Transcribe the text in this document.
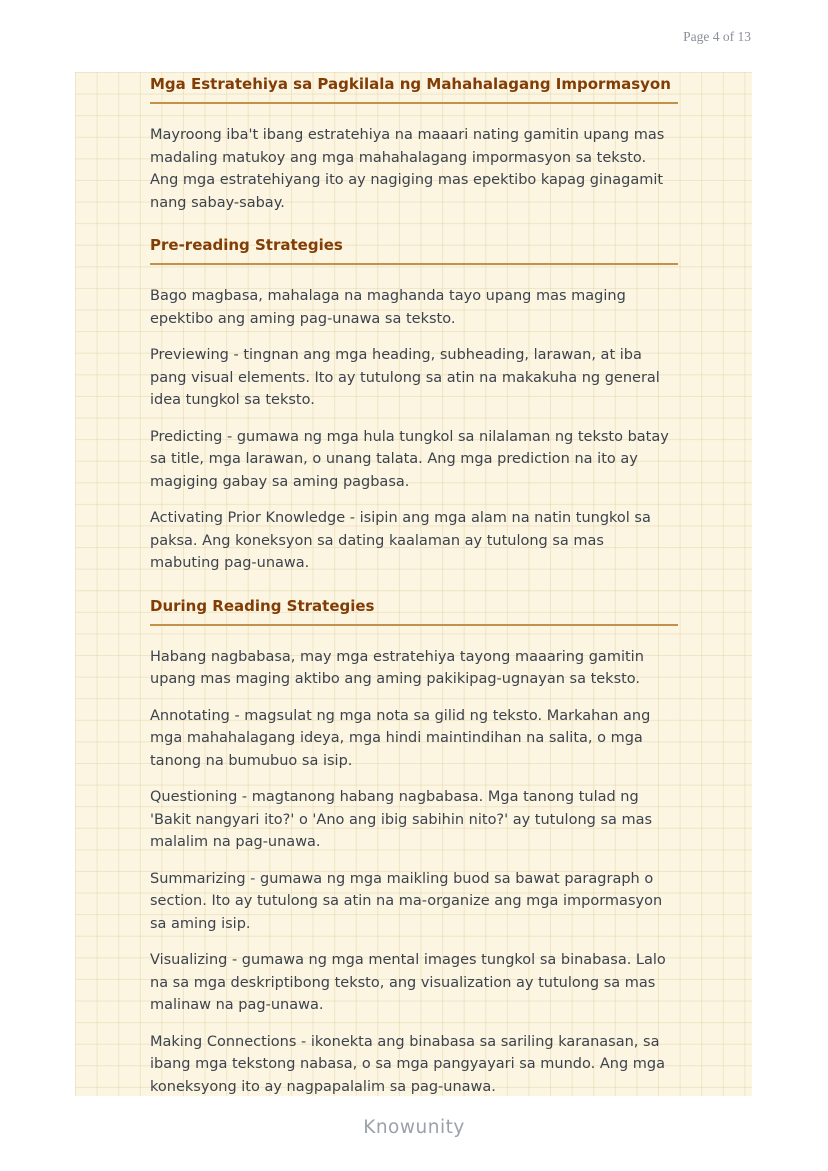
Page 4 of 13
Mga Estratehiya sa Pagkilala ng Mahahalagang Impormasyon

Mayroong iba't ibang estratehiya na maaari nating gamitin upang mas madaling matukoy ang mga mahahalagang impormasyon sa teksto. Ang mga estratehiyang ito ay nagiging mas epektibo kapag ginagamit nang sabay-sabay.

Pre-reading Strategies

Bago magbasa, mahalaga na maghanda tayo upang mas maging epektibo ang aming pag-unawa sa teksto.

Previewing - tingnan ang mga heading, subheading, larawan, at iba pang visual elements. Ito ay tutulong sa atin na makakuha ng general idea tungkol sa teksto.

Predicting - gumawa ng mga hula tungkol sa nilalaman ng teksto batay sa title, mga larawan, o unang talata. Ang mga prediction na ito ay magiging gabay sa aming pagbasa.

Activating Prior Knowledge - isipin ang mga alam na natin tungkol sa paksa. Ang koneksyon sa dating kaalaman ay tutulong sa mas mabuting pag-unawa.

During Reading Strategies

Habang nagbabasa, may mga estratehiya tayong maaaring gamitin upang mas maging aktibo ang aming pakikipag-ugnayan sa teksto.

Annotating - magsulat ng mga nota sa gilid ng teksto. Markahan ang mga mahahalagang ideya, mga hindi maintindihan na salita, o mga tanong na bumubuo sa isip.

Questioning - magtanong habang nagbabasa. Mga tanong tulad ng 'Bakit nangyari ito?' o 'Ano ang ibig sabihin nito?' ay tutulong sa mas malalim na pag-unawa.

Summarizing - gumawa ng mga maikling buod sa bawat paragraph o section. Ito ay tutulong sa atin na ma-organize ang mga impormasyon sa aming isip.

Visualizing - gumawa ng mga mental images tungkol sa binabasa. Lalo na sa mga deskriptibong teksto, ang visualization ay tutulong sa mas malinaw na pag-unawa.

Making Connections - ikonekta ang binabasa sa sariling karanasan, sa ibang mga tekstong nabasa, o sa mga pangyayari sa mundo. Ang mga koneksyong ito ay nagpapalalim sa pag-unawa.

Knowunity
